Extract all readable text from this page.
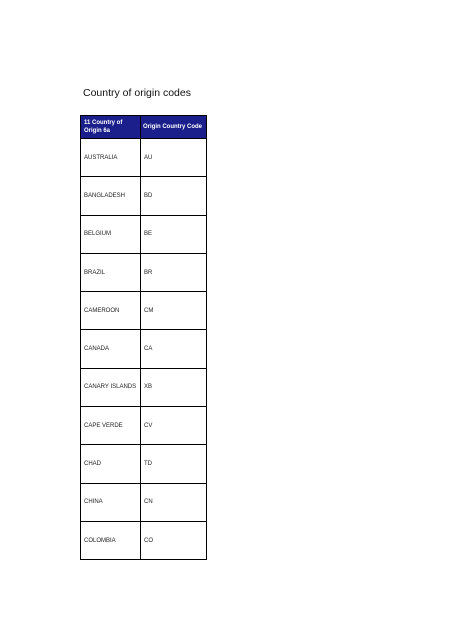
Country of origin codes
11 Country of Origin 6a	Origin Country Code
AUSTRALIA	AU
BANGLADESH	BD
BELGIUM	BE
BRAZIL	BR
CAMEROON	CM
CANADA	CA
CANARY ISLANDS	XB
CAPE VERDE	CV
CHAD	TD
CHINA	CN
COLOMBIA	CO
